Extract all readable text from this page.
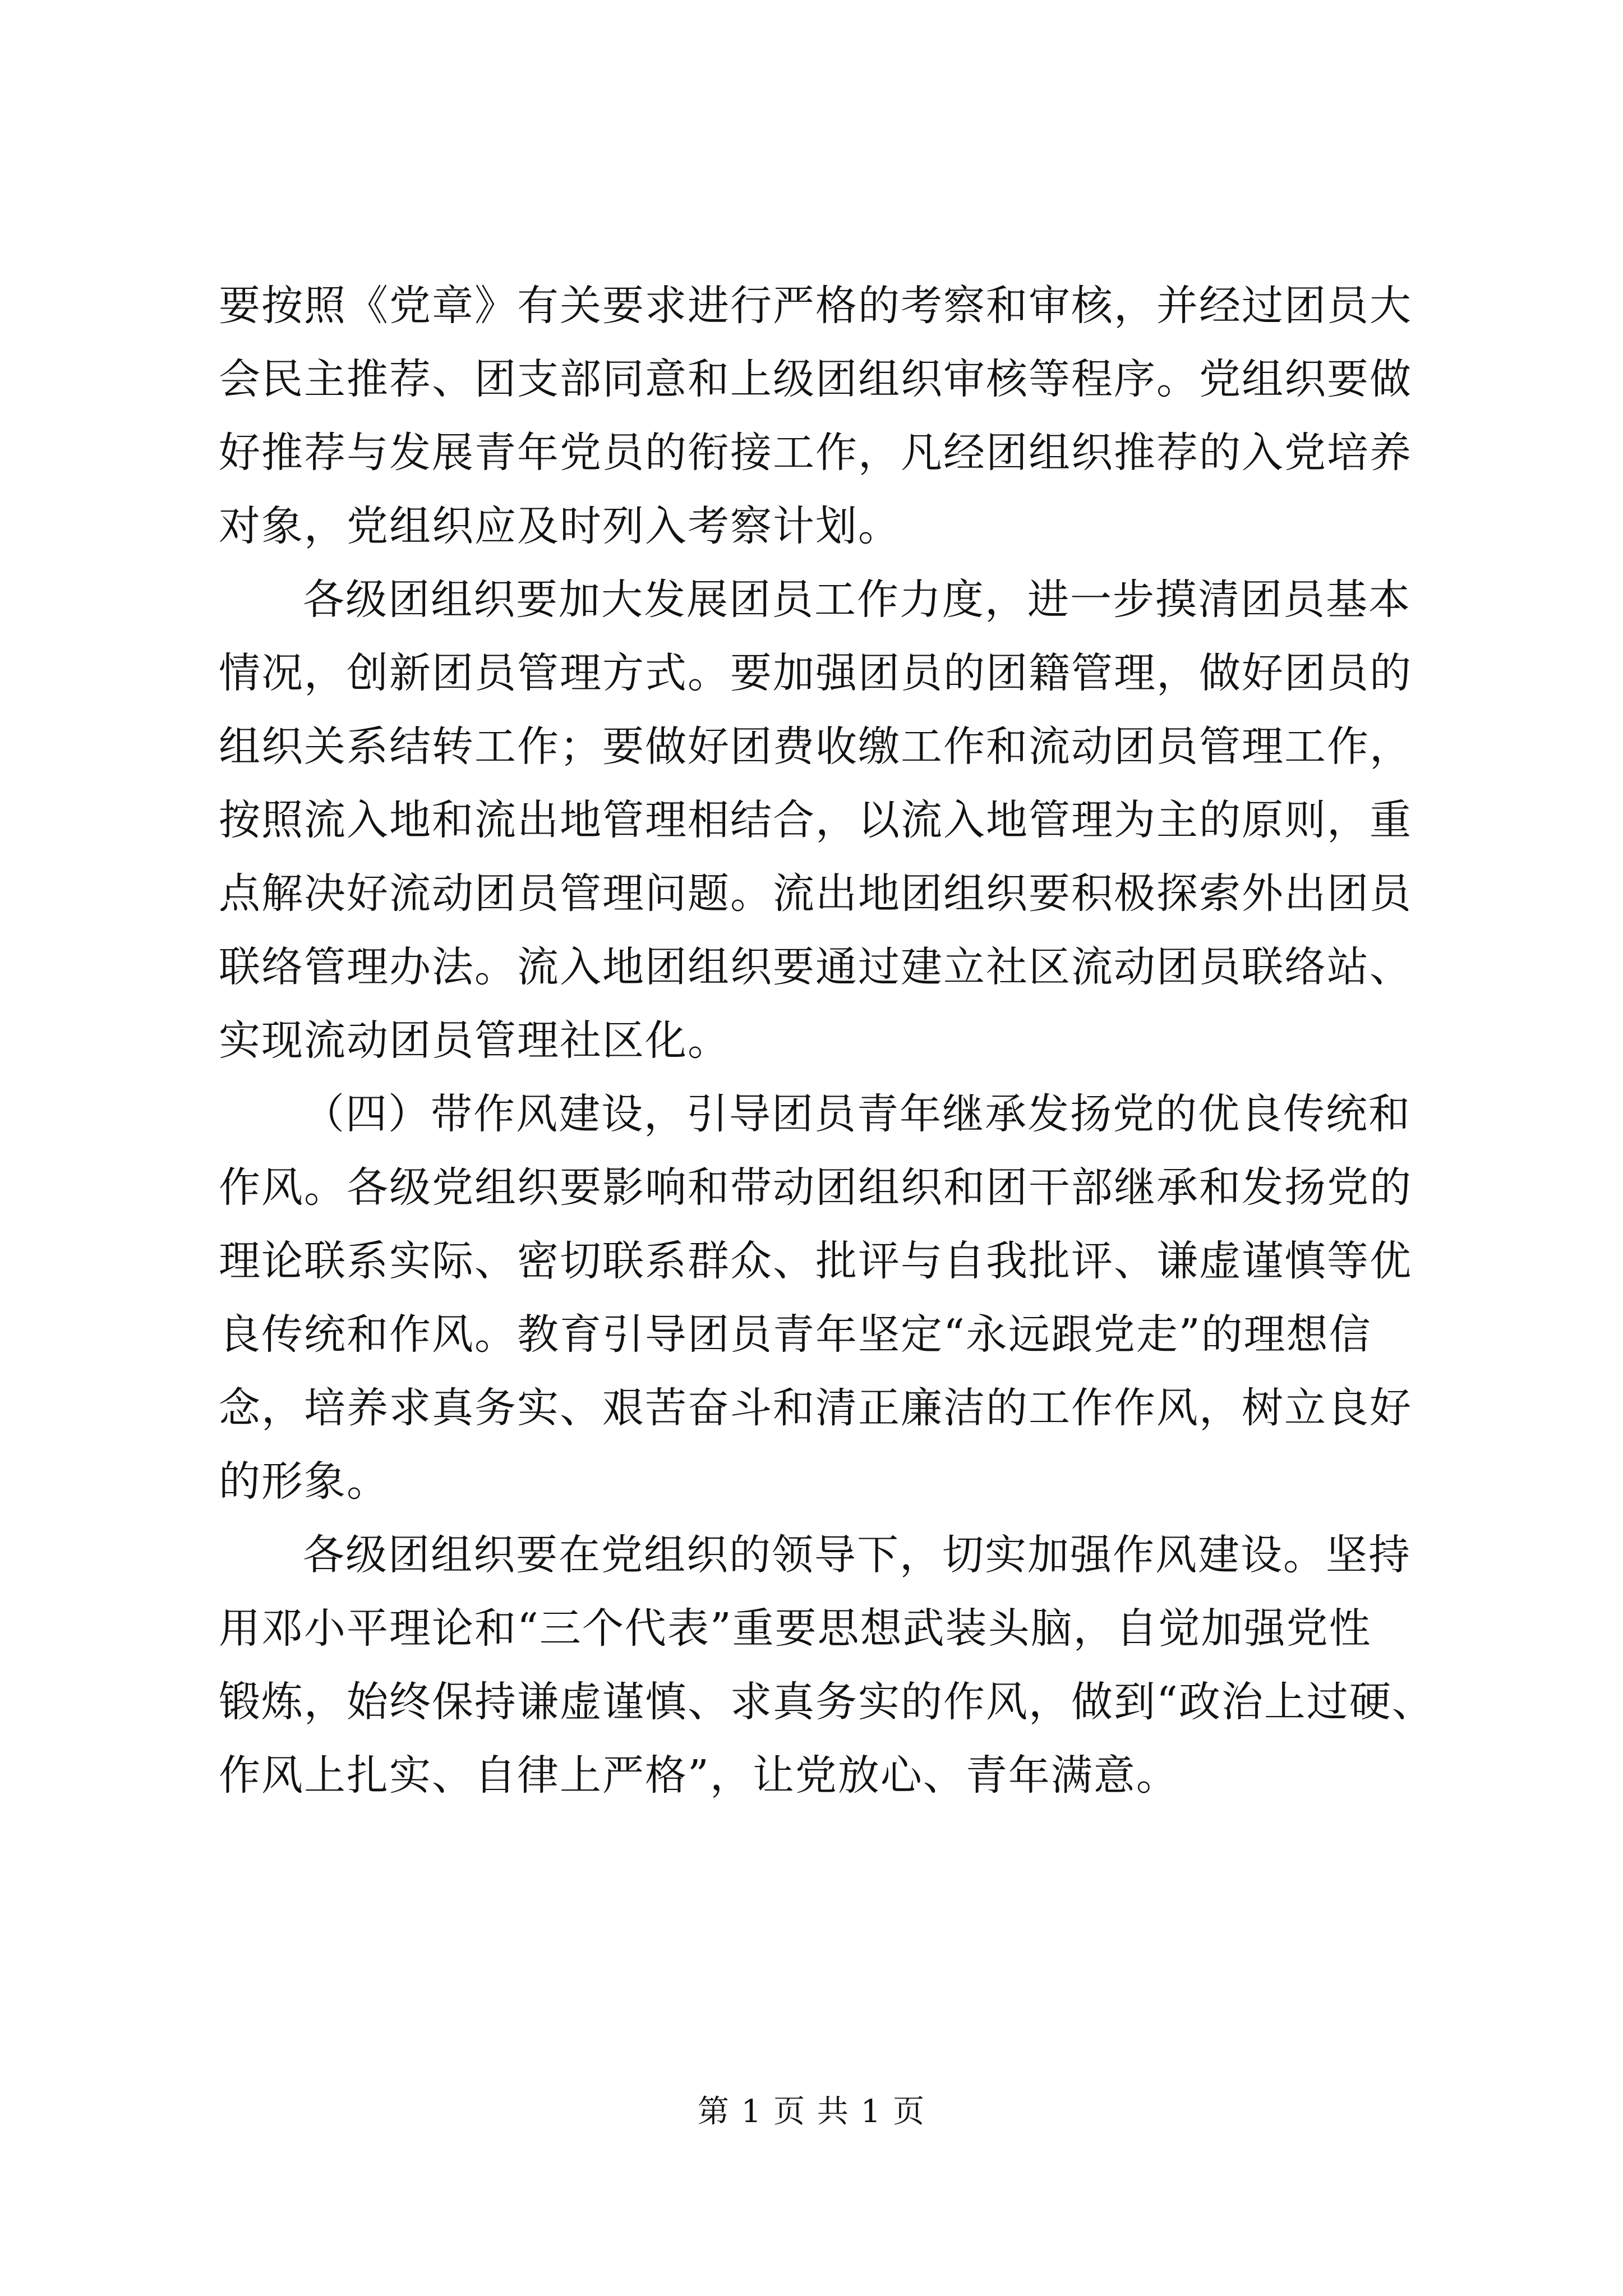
要按照《党章》有关要求进行严格的考察和审核，并经过团员大
会民主推荐、团支部同意和上级团组织审核等程序。党组织要做
好推荐与发展青年党员的衔接工作，凡经团组织推荐的入党培养
对象，党组织应及时列入考察计划。
各级团组织要加大发展团员工作力度，进一步摸清团员基本
情况，创新团员管理方式。要加强团员的团籍管理，做好团员的
组织关系结转工作；要做好团费收缴工作和流动团员管理工作，
按照流入地和流出地管理相结合，以流入地管理为主的原则，重
点解决好流动团员管理问题。流出地团组织要积极探索外出团员
联络管理办法。流入地团组织要通过建立社区流动团员联络站、
实现流动团员管理社区化。
（四）带作风建设，引导团员青年继承发扬党的优良传统和
作风。各级党组织要影响和带动团组织和团干部继承和发扬党的
理论联系实际、密切联系群众、批评与自我批评、谦虚谨慎等优
良传统和作风。教育引导团员青年坚定“永远跟党走”的理想信
念，培养求真务实、艰苦奋斗和清正廉洁的工作作风，树立良好
的形象。
各级团组织要在党组织的领导下，切实加强作风建设。坚持
用邓小平理论和“三个代表”重要思想武装头脑，自觉加强党性
锻炼，始终保持谦虚谨慎、求真务实的作风，做到“政治上过硬、
作风上扎实、自律上严格”，让党放心、青年满意。
第 1 页 共 1 页
